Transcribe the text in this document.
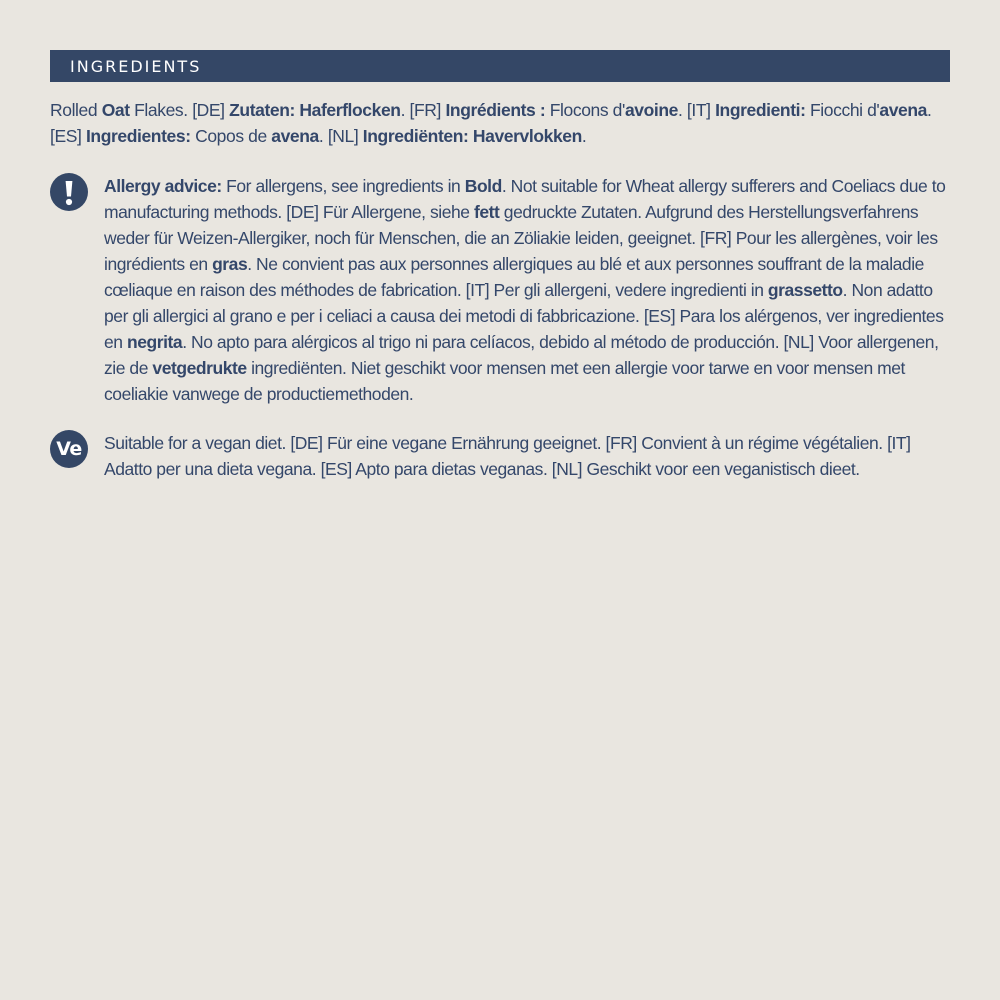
INGREDIENTS
Rolled Oat Flakes. [DE] Zutaten: Haferflocken. [FR] Ingrédients : Flocons d'avoine. [IT] Ingredienti: Fiocchi d'avena. [ES] Ingredientes: Copos de avena. [NL] Ingrediënten: Havervlokken.
Allergy advice: For allergens, see ingredients in Bold. Not suitable for Wheat allergy sufferers and Coeliacs due to manufacturing methods. [DE] Für Allergene, siehe fett gedruckte Zutaten. Aufgrund des Herstellungsverfahrens weder für Weizen-Allergiker, noch für Menschen, die an Zöliakie leiden, geeignet. [FR] Pour les allergènes, voir les ingrédients en gras. Ne convient pas aux personnes allergiques au blé et aux personnes souffrant de la maladie cœliaque en raison des méthodes de fabrication. [IT] Per gli allergeni, vedere ingredienti in grassetto. Non adatto per gli allergici al grano e per i celiaci a causa dei metodi di fabbricazione. [ES] Para los alérgenos, ver ingredientes en negrita. No apto para alérgicos al trigo ni para celíacos, debido al método de producción. [NL] Voor allergenen, zie de vetgedrukte ingrediënten. Niet geschikt voor mensen met een allergie voor tarwe en voor mensen met coeliakie vanwege de productiemethoden.
Ve Suitable for a vegan diet. [DE] Für eine vegane Ernährung geeignet. [FR] Convient à un régime végétalien. [IT] Adatto per una dieta vegana. [ES] Apto para dietas veganas. [NL] Geschikt voor een veganistisch dieet.
